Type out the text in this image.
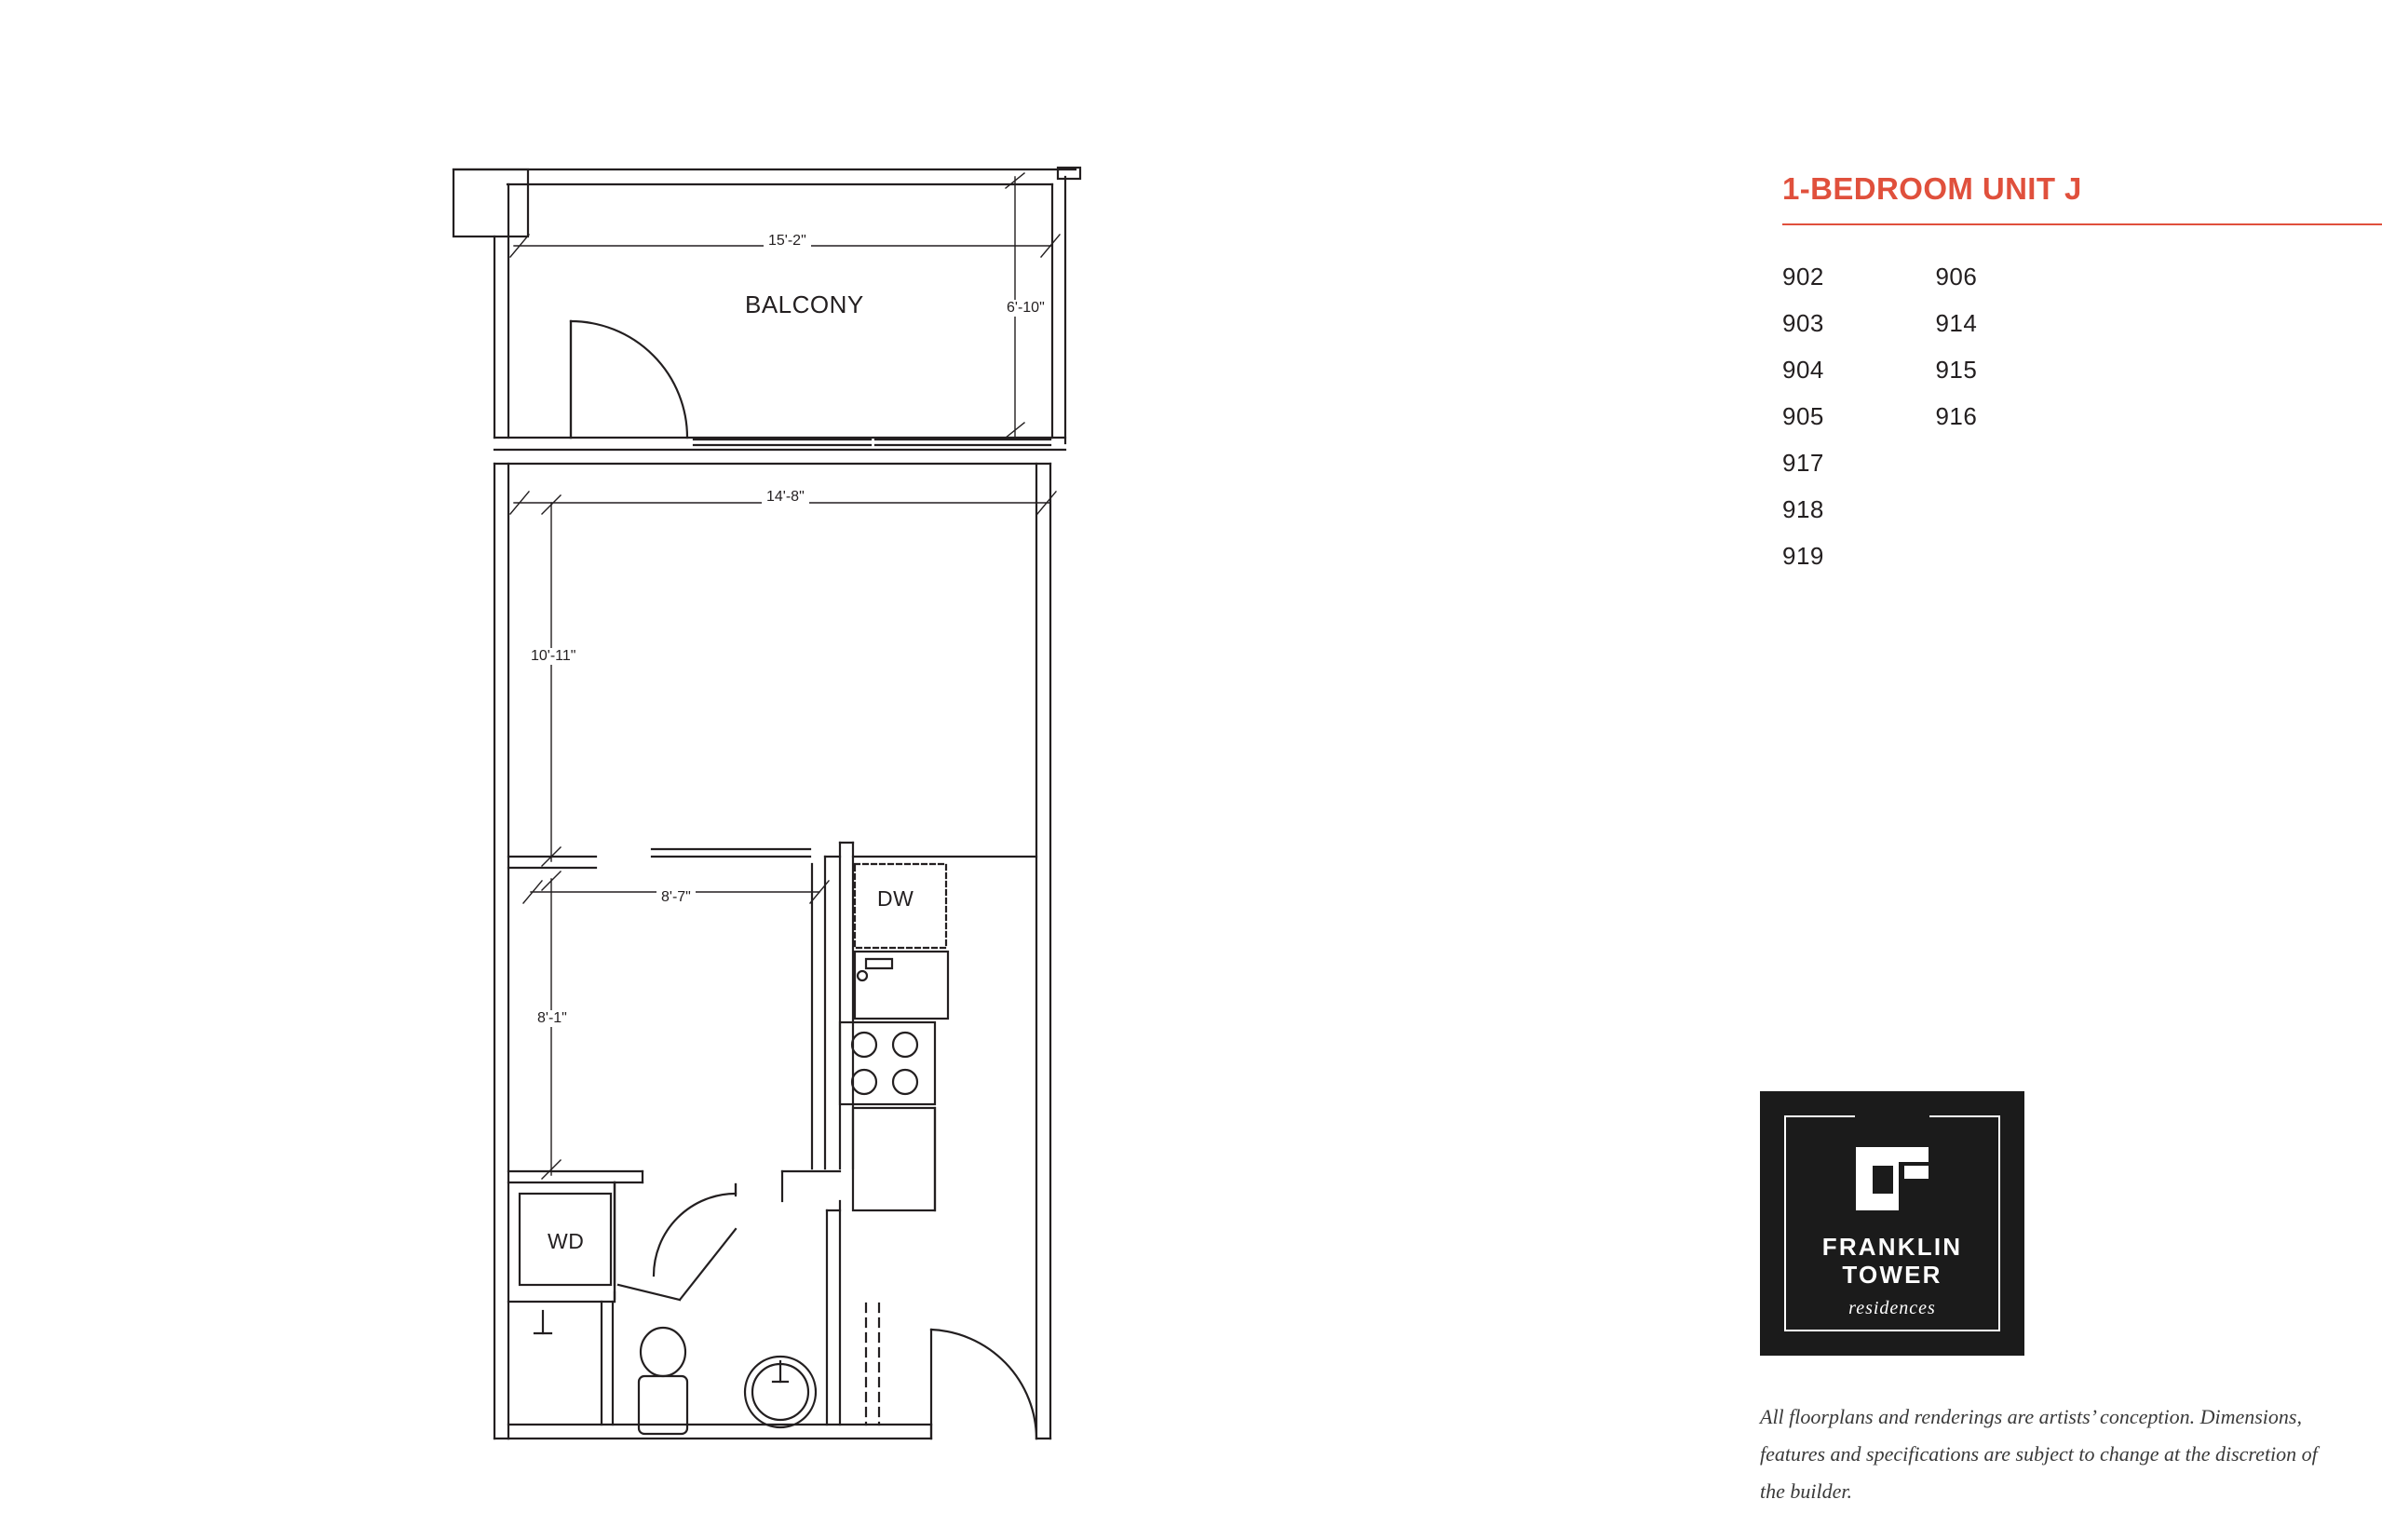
BALCONY
DW
WD
15'-2"
6'-10"
14'-8"
10'-11"
8'-7"
8'-1"
1-BEDROOM UNIT J
902
903
904
905

906
914
915
916

917
918
919
FRANKLIN
TOWER
residences
All floorplans and renderings are artists’ conception. Dimensions, features and specifications are subject to change at the discretion of the builder.
